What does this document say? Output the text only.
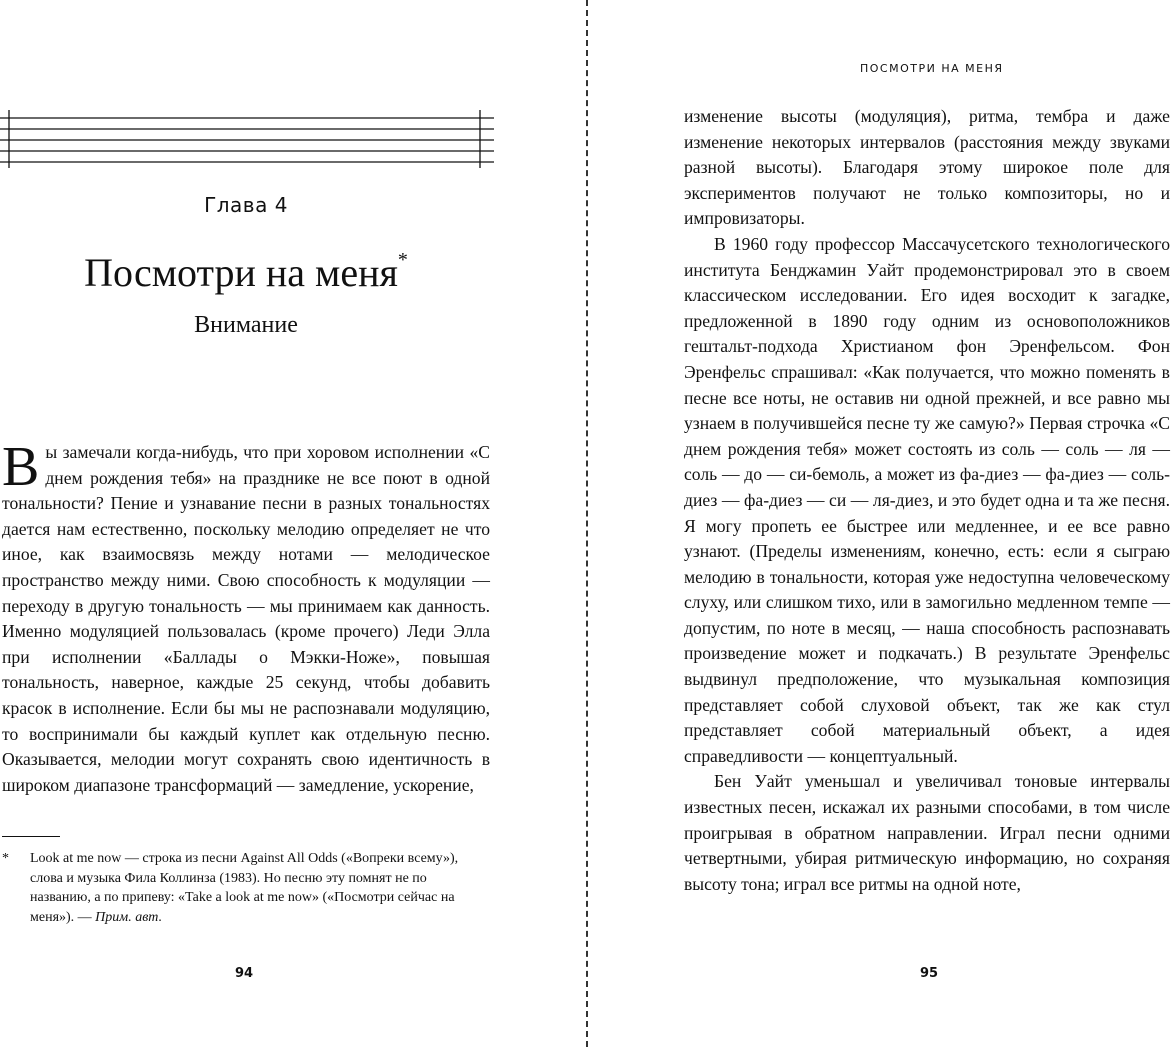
Глава 4
Посмотри на меня*
Внимание
Вы замечали когда-нибудь, что при хоровом исполнении «С днем рождения тебя» на празднике не все поют в одной тональности? Пение и узнавание песни в разных тональностях дается нам естественно, поскольку мелодию определяет не что иное, как взаимосвязь между нотами — мелодическое пространство между ними. Свою способность к модуляции — переходу в другую тональность — мы принимаем как данность. Именно модуляцией пользовалась (кроме прочего) Леди Элла при исполнении «Баллады о Мэкки-Ноже», повышая тональность, наверное, каждые 25 секунд, чтобы добавить красок в исполнение. Если бы мы не распознавали модуляцию, то воспринимали бы каждый куплет как отдельную песню. Оказывается, мелодии могут сохранять свою идентичность в широком диапазоне трансформаций — замедление, ускорение,
* Look at me now — строка из песни Against All Odds («Вопреки всему»), слова и музыка Фила Коллинза (1983). Но песню эту помнят не по названию, а по припеву: «Take a look at me now» («Посмотри сейчас на меня»). — Прим. авт.
94
ПОСМОТРИ НА МЕНЯ

изменение высоты (модуляция), ритма, тембра и даже изменение некоторых интервалов (расстояния между звуками разной высоты). Благодаря этому широкое поле для экспериментов получают не только композиторы, но и импровизаторы.

В 1960 году профессор Массачусетского технологического института Бенджамин Уайт продемонстрировал это в своем классическом исследовании. Его идея восходит к загадке, предложенной в 1890 году одним из основоположников гештальт-подхода Христианом фон Эренфельсом. Фон Эренфельс спрашивал: «Как получается, что можно поменять в песне все ноты, не оставив ни одной прежней, и все равно мы узнаем в получившейся песне ту же самую?» Первая строчка «С днем рождения тебя» может состоять из соль — соль — ля — соль — до — си-бемоль, а может из фа-диез — фа-диез — соль-диез — фа-диез — си — ля-диез, и это будет одна и та же песня. Я могу пропеть ее быстрее или медленнее, и ее все равно узнают. (Пределы изменениям, конечно, есть: если я сыграю мелодию в тональности, которая уже недоступна человеческому слуху, или слишком тихо, или в замогильно медленном темпе — допустим, по ноте в месяц, — наша способность распознавать произведение может и подкачать.) В результате Эренфельс выдвинул предположение, что музыкальная композиция представляет собой слуховой объект, так же как стул представляет собой материальный объект, а идея справедливости — концептуальный.

Бен Уайт уменьшал и увеличивал тоновые интервалы известных песен, искажал их разными способами, в том числе проигрывая в обратном направлении. Играл песни одними четвертными, убирая ритмическую информацию, но сохраняя высоту тона; играл все ритмы на одной ноте,

95
